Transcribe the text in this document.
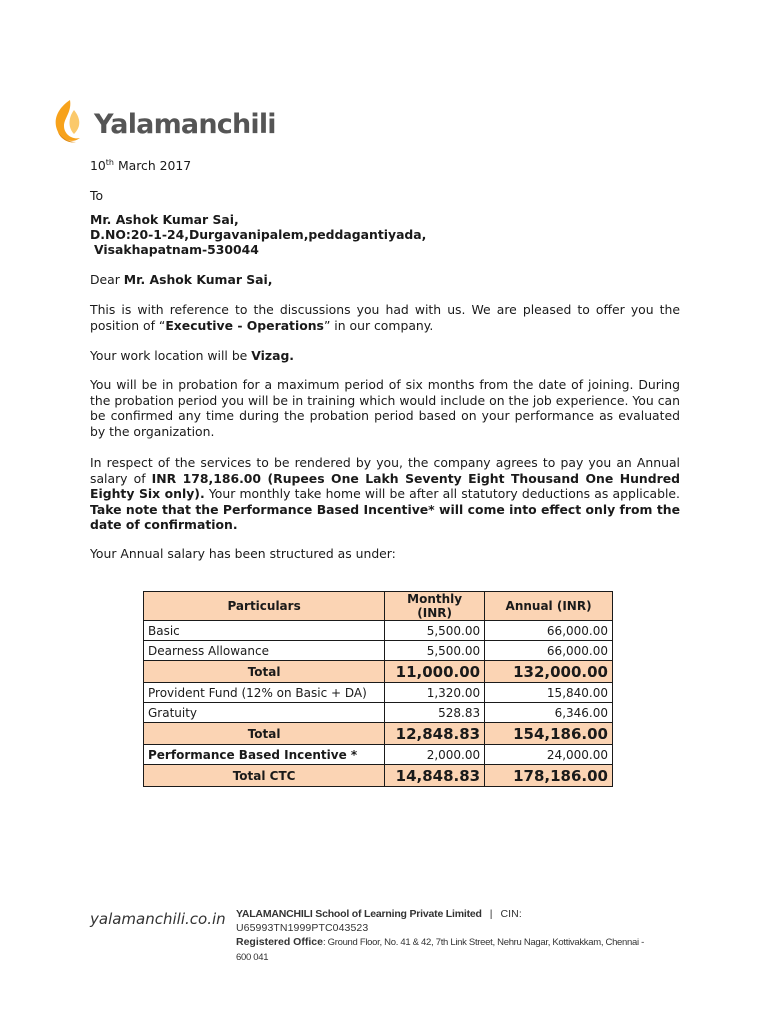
Yalamanchili
10th March 2017
To
Mr. Ashok Kumar Sai,
D.NO:20-1-24,Durgavanipalem,peddagantiyada,
Visakhapatnam-530044
Dear Mr. Ashok Kumar Sai,
This is with reference to the discussions you had with us. We are pleased to offer you the position of “Executive - Operations” in our company.
Your work location will be Vizag.
You will be in probation for a maximum period of six months from the date of joining. During the probation period you will be in training which would include on the job experience. You can be confirmed any time during the probation period based on your performance as evaluated by the organization.
In respect of the services to be rendered by you, the company agrees to pay you an Annual salary of INR 178,186.00 (Rupees One Lakh Seventy Eight Thousand One Hundred Eighty Six only). Your monthly take home will be after all statutory deductions as applicable. Take note that the Performance Based Incentive* will come into effect only from the date of confirmation.
Your Annual salary has been structured as under:
Particulars	Monthly (INR)	Annual (INR)
Basic	5,500.00	66,000.00
Dearness Allowance	5,500.00	66,000.00
Total	11,000.00	132,000.00
Provident Fund (12% on Basic + DA)	1,320.00	15,840.00
Gratuity	528.83	6,346.00
Total	12,848.83	154,186.00
Performance Based Incentive *	2,000.00	24,000.00
Total CTC	14,848.83	178,186.00
yalamanchili.co.in YALAMANCHILI School of Learning Private Limited | CIN: U65993TN1999PTC043523
Registered Office: Ground Floor, No. 41 & 42, 7th Link Street, Nehru Nagar, Kottivakkam, Chennai - 600 041
